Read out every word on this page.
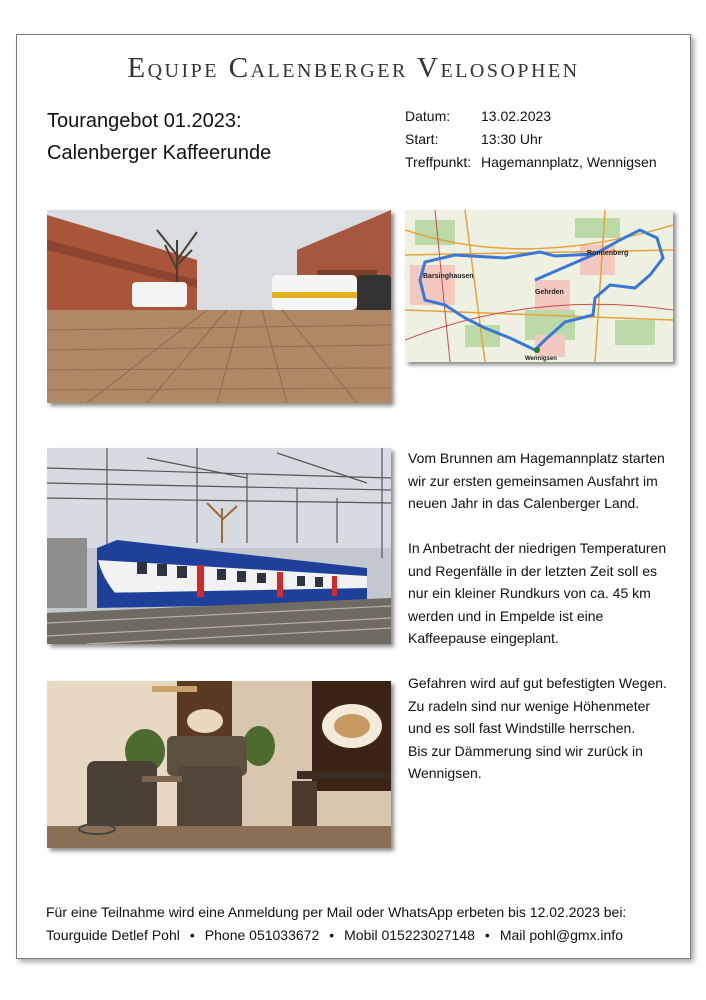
Equipe Calenberger Velosophen
Tourangebot 01.2023:
Calenberger Kaffeerunde
Datum:	13.02.2023
Start:	13:30 Uhr
Treffpunkt: Hagemannplatz, Wennigsen
Barsinghausen
Gehrden
Ronnenberg
Wennigsen

Vom Brunnen am Hagemannplatz starten

wir zur ersten gemeinsamen Ausfahrt im

neuen Jahr in das Calenberger Land.

In Anbetracht der niedrigen Temperaturen

und Regenfälle in der letzten Zeit soll es

nur ein kleiner Rundkurs von ca. 45 km

werden und in Empelde ist eine

Kaffeepause eingeplant.

Gefahren wird auf gut befestigten Wegen.

Zu radeln sind nur wenige Höhenmeter

und es soll fast Windstille herrschen.

Bis zur Dämmerung sind wir zurück in

Wennigsen.

Für eine Teilnahme wird eine Anmeldung per Mail oder WhatsApp erbeten bis 12.02.2023 bei:
Tourguide Detlef Pohl • Phone 051033672 • Mobil 015223027148 • Mail pohl@gmx.info
